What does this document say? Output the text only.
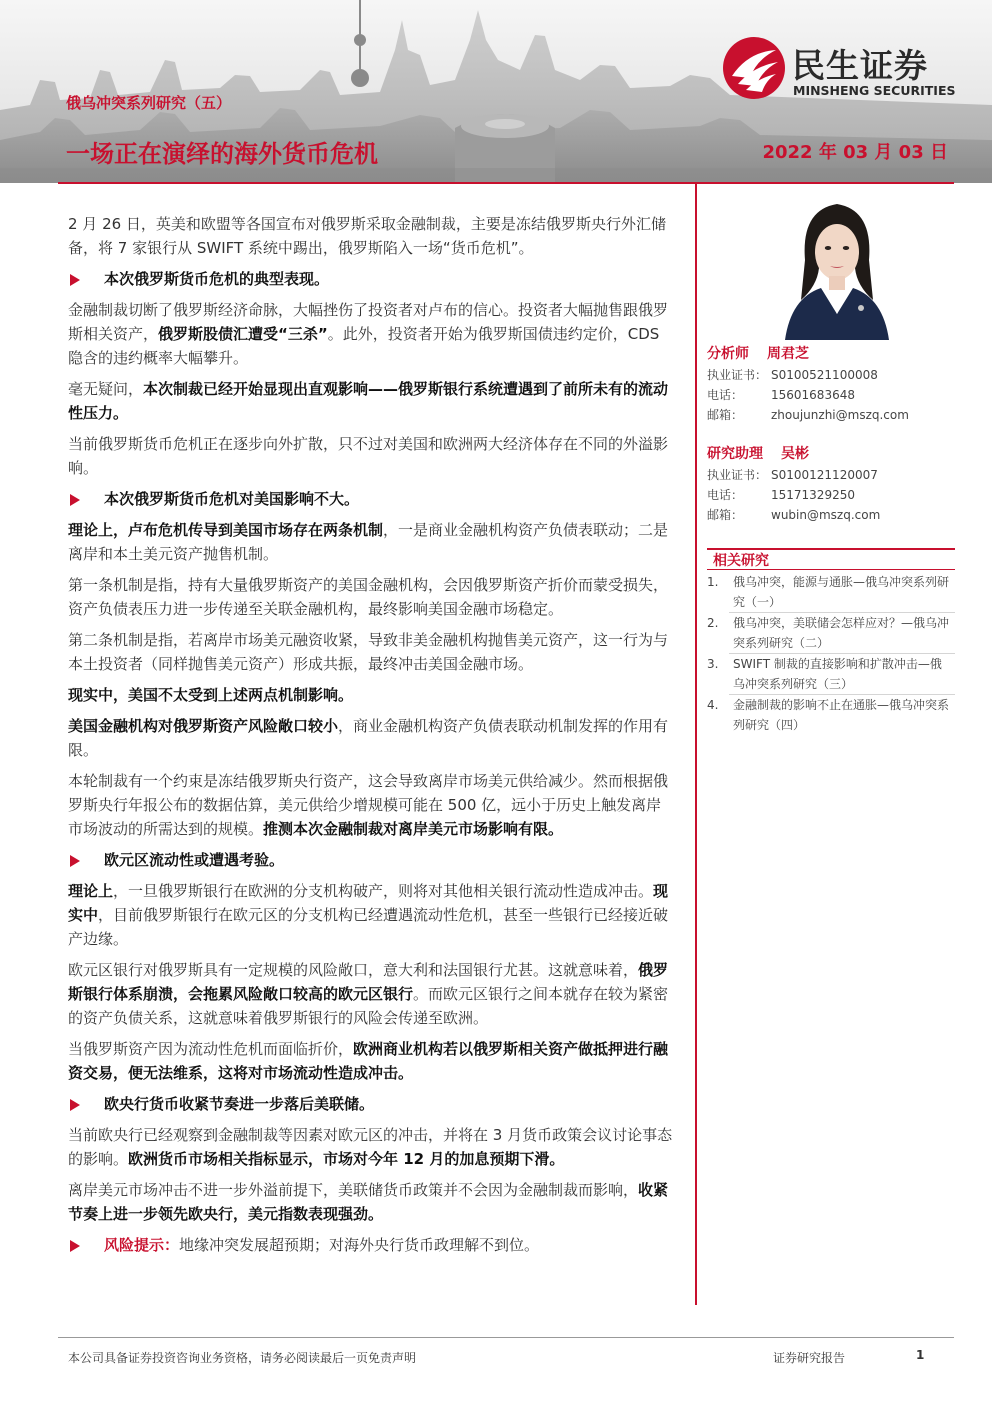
民生证券
MINSHENG SECURITIES
俄乌冲突系列研究（五）
一场正在演绎的海外货币危机	2022 年 03 月 03 日

2 月 26 日，英美和欧盟等各国宣布对俄罗斯采取金融制裁，主要是冻结俄罗斯央行外汇储备，将 7 家银行从 SWIFT 系统中踢出，俄罗斯陷入一场“货币危机”。

本次俄罗斯货币危机的典型表现。

金融制裁切断了俄罗斯经济命脉，大幅挫伤了投资者对卢布的信心。投资者大幅抛售跟俄罗斯相关资产，俄罗斯股债汇遭受“三杀”。此外，投资者开始为俄罗斯国债违约定价，CDS 隐含的违约概率大幅攀升。

毫无疑问，本次制裁已经开始显现出直观影响——俄罗斯银行系统遭遇到了前所未有的流动性压力。

当前俄罗斯货币危机正在逐步向外扩散，只不过对美国和欧洲两大经济体存在不同的外溢影响。

本次俄罗斯货币危机对美国影响不大。

理论上，卢布危机传导到美国市场存在两条机制，一是商业金融机构资产负债表联动；二是离岸和本土美元资产抛售机制。

第一条机制是指，持有大量俄罗斯资产的美国金融机构，会因俄罗斯资产折价而蒙受损失，资产负债表压力进一步传递至关联金融机构，最终影响美国金融市场稳定。

第二条机制是指，若离岸市场美元融资收紧，导致非美金融机构抛售美元资产，这一行为与本土投资者（同样抛售美元资产）形成共振，最终冲击美国金融市场。

现实中，美国不太受到上述两点机制影响。

美国金融机构对俄罗斯资产风险敞口较小，商业金融机构资产负债表联动机制发挥的作用有限。

本轮制裁有一个约束是冻结俄罗斯央行资产，这会导致离岸市场美元供给减少。然而根据俄罗斯央行年报公布的数据估算，美元供给少增规模可能在 500 亿，远小于历史上触发离岸市场波动的所需达到的规模。推测本次金融制裁对离岸美元市场影响有限。

欧元区流动性或遭遇考验。

理论上，一旦俄罗斯银行在欧洲的分支机构破产，则将对其他相关银行流动性造成冲击。现实中，目前俄罗斯银行在欧元区的分支机构已经遭遇流动性危机，甚至一些银行已经接近破产边缘。

欧元区银行对俄罗斯具有一定规模的风险敞口，意大利和法国银行尤甚。这就意味着，俄罗斯银行体系崩溃，会拖累风险敞口较高的欧元区银行。而欧元区银行之间本就存在较为紧密的资产负债关系，这就意味着俄罗斯银行的风险会传递至欧洲。

当俄罗斯资产因为流动性危机而面临折价，欧洲商业机构若以俄罗斯相关资产做抵押进行融资交易，便无法维系，这将对市场流动性造成冲击。

欧央行货币收紧节奏进一步落后美联储。

当前欧央行已经观察到金融制裁等因素对欧元区的冲击，并将在 3 月货币政策会议讨论事态的影响。欧洲货币市场相关指标显示，市场对今年 12 月的加息预期下滑。

离岸美元市场冲击不进一步外溢前提下，美联储货币政策并不会因为金融制裁而影响，收紧节奏上进一步领先欧央行，美元指数表现强劲。

风险提示：地缘冲突发展超预期；对海外央行货币政理解不到位。
分析师 周君芝
执业证书： S0100521100008
电话： 15601683648
邮箱： zhoujunzhi@mszq.com
研究助理 吴彬
执业证书： S0100121120007
电话： 15171329250
邮箱： wubin@mszq.com
相关研究
1. 俄乌冲突，能源与通胀—俄乌冲突系列研究（一）
2. 俄乌冲突，美联储会怎样应对？—俄乌冲突系列研究（二）
3. SWIFT 制裁的直接影响和扩散冲击—俄乌冲突系列研究（三）
4. 金融制裁的影响不止在通胀—俄乌冲突系列研究（四）
本公司具备证券投资咨询业务资格，请务必阅读最后一页免责声明	证券研究报告	1
